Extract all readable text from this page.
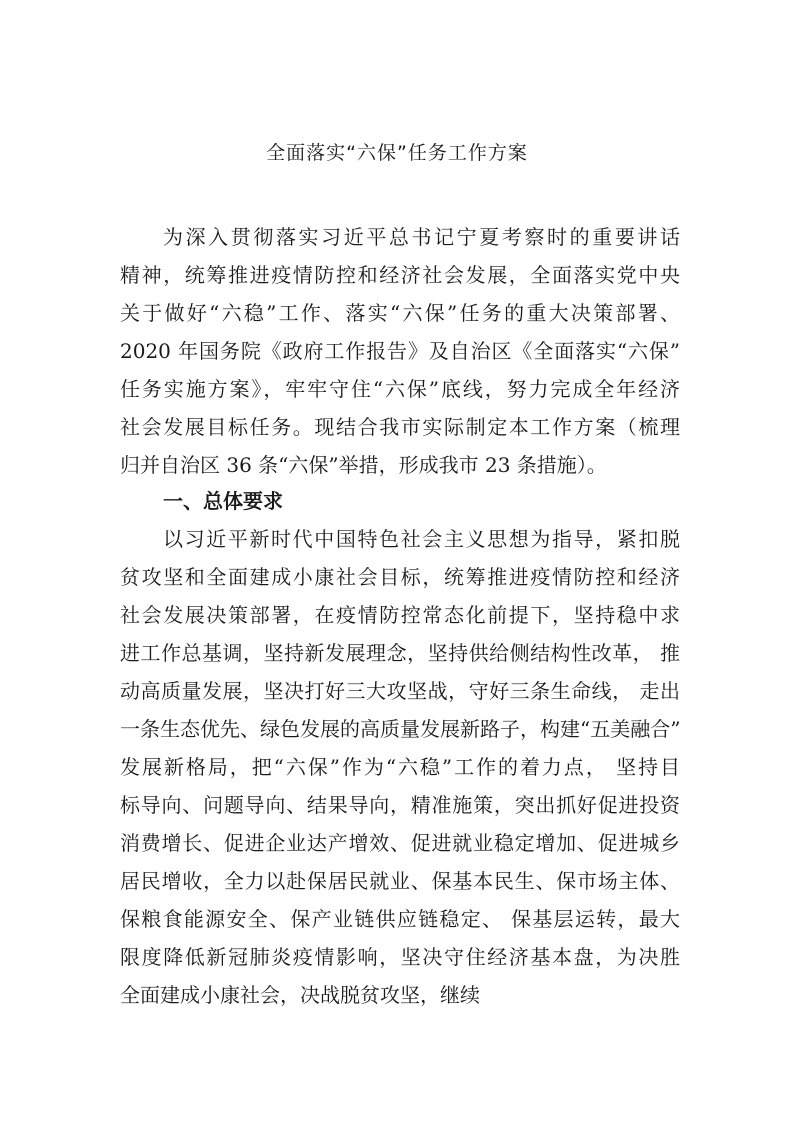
全面落实“六保”任务工作方案
为深入贯彻落实习近平总书记宁夏考察时的重要讲话
精神，统筹推进疫情防控和经济社会发展，全面落实党中央
关于做好“六稳”工作、落实“六保”任务的重大决策部署、
2020 年国务院《政府工作报告》及自治区《全面落实“六保”
任务实施方案》，牢牢守住“六保”底线，努力完成全年经济
社会发展目标任务。现结合我市实际制定本工作方案（梳理
归并自治区 36 条“六保”举措，形成我市 23 条措施）。
一、总体要求
以习近平新时代中国特色社会主义思想为指导，紧扣脱
贫攻坚和全面建成小康社会目标，统筹推进疫情防控和经济
社会发展决策部署，在疫情防控常态化前提下，坚持稳中求
进工作总基调，坚持新发展理念，坚持供给侧结构性改革， 推
动高质量发展，坚决打好三大攻坚战，守好三条生命线， 走出
一条生态优先、绿色发展的高质量发展新路子，构建“五美融合”
发展新格局，把“六保”作为“六稳”工作的着力点， 坚持目
标导向、问题导向、结果导向，精准施策，突出抓好促进投资
消费增长、促进企业达产增效、促进就业稳定增加、促进城乡
居民增收，全力以赴保居民就业、保基本民生、保市场主体、
保粮食能源安全、保产业链供应链稳定、 保基层运转，最大
限度降低新冠肺炎疫情影响，坚决守住经济基本盘，为决胜
全面建成小康社会，决战脱贫攻坚，继续
